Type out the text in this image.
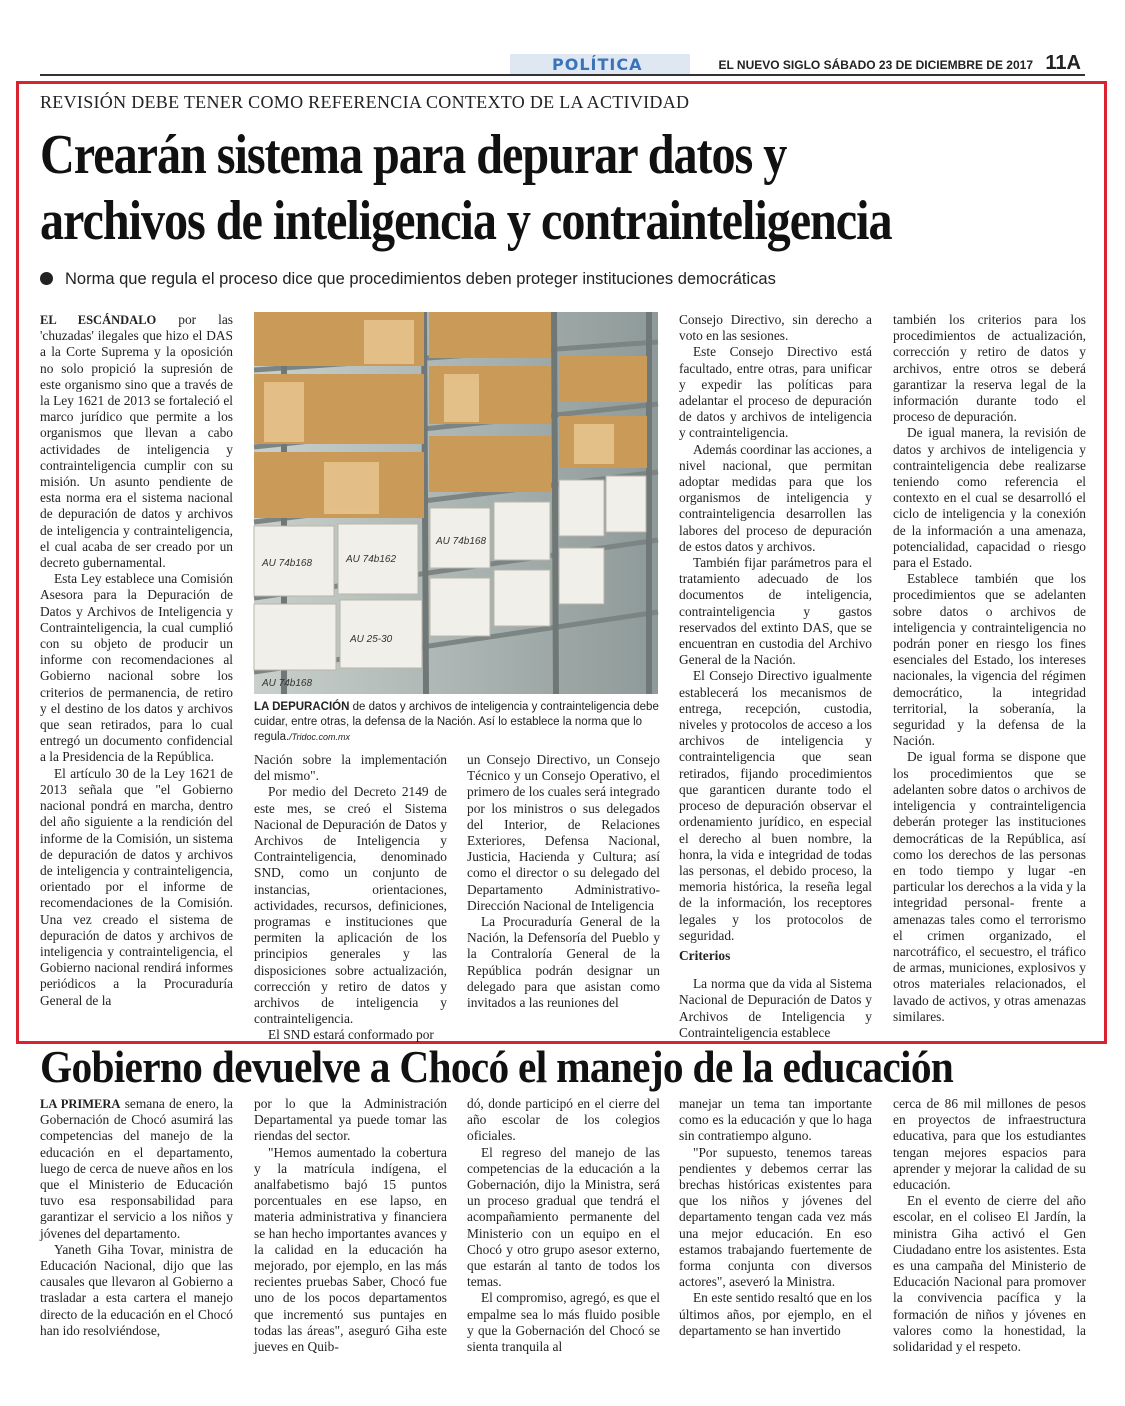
POLÍTICA	EL NUEVO SIGLO SÁBADO 23 DE DICIEMBRE DE 2017 11A
REVISIÓN DEBE TENER COMO REFERENCIA CONTEXTO DE LA ACTIVIDAD
Crearán sistema para depurar datos y archivos de inteligencia y contrainteligencia
Norma que regula el proceso dice que procedimientos deben proteger instituciones democráticas

EL ESCÁNDALO por las 'chuzadas' ilegales que hizo el DAS a la Corte Suprema y la oposición no solo propició la supresión de este organismo sino que a través de la Ley 1621 de 2013 se fortaleció el marco jurídico que permite a los organismos que llevan a cabo actividades de inteligencia y contrainteligencia cumplir con su misión. Un asunto pendiente de esta norma era el sistema nacional de depuración de datos y archivos de inteligencia y contrainteligencia, el cual acaba de ser creado por un decreto gubernamental.

Esta Ley establece una Comisión Asesora para la Depuración de Datos y Archivos de Inteligencia y Contrainteligencia, la cual cumplió con su objeto de producir un informe con recomendaciones al Gobierno nacional sobre los criterios de permanencia, de retiro y el destino de los datos y archivos que sean retirados, para lo cual entregó un documento confidencial a la Presidencia de la República.

El artículo 30 de la Ley 1621 de 2013 señala que "el Gobierno nacional pondrá en marcha, dentro del año siguiente a la rendición del informe de la Comisión, un sistema de depuración de datos y archivos de inteligencia y contrainteligencia, orientado por el informe de recomendaciones de la Comisión. Una vez creado el sistema de depuración de datos y archivos de inteligencia y contrainteligencia, el Gobierno nacional rendirá informes periódicos a la Procuraduría General de la

AU 74b168
AU 74b162
AU 74b168
AU 74b168
AU 25-30
LA DEPURACIÓN de datos y archivos de inteligencia y contrainteligencia debe cuidar, entre otras, la defensa de la Nación. Así lo establece la norma que lo regula./Tridoc.com.mx

Nación sobre la implementación del mismo".

Por medio del Decreto 2149 de este mes, se creó el Sistema Nacional de Depuración de Datos y Archivos de Inteligencia y Contrainteligencia, denominado SND, como un conjunto de instancias, orientaciones, actividades, recursos, definiciones, programas e instituciones que permiten la aplicación de los principios generales y las disposiciones sobre actualización, corrección y retiro de datos y archivos de inteligencia y contrainteligencia.

El SND estará conformado por

un Consejo Directivo, un Consejo Técnico y un Consejo Operativo, el primero de los cuales será integrado por los ministros o sus delegados del Interior, de Relaciones Exteriores, Defensa Nacional, Justicia, Hacienda y Cultura; así como el director o su delegado del Departamento Administrativo-Dirección Nacional de Inteligencia

La Procuraduría General de la Nación, la Defensoría del Pueblo y la Contraloría General de la República podrán designar un delegado para que asistan como invitados a las reuniones del

Consejo Directivo, sin derecho a voto en las sesiones.

Este Consejo Directivo está facultado, entre otras, para unificar y expedir las políticas para adelantar el proceso de depuración de datos y archivos de inteligencia y contrainteligencia.

Además coordinar las acciones, a nivel nacional, que permitan adoptar medidas para que los organismos de inteligencia y contrainteligencia desarrollen las labores del proceso de depuración de estos datos y archivos.

También fijar parámetros para el tratamiento adecuado de los documentos de inteligencia, contrainteligencia y gastos reservados del extinto DAS, que se encuentran en custodia del Archivo General de la Nación.

El Consejo Directivo igualmente establecerá los mecanismos de entrega, recepción, custodia, niveles y protocolos de acceso a los archivos de inteligencia y contrainteligencia que sean retirados, fijando procedimientos que garanticen durante todo el proceso de depuración observar el ordenamiento jurídico, en especial el derecho al buen nombre, la honra, la vida e integridad de todas las personas, el debido proceso, la memoria histórica, la reseña legal de la información, los receptores legales y los protocolos de seguridad.

Criterios

La norma que da vida al Sistema Nacional de Depuración de Datos y Archivos de Inteligencia y Contrainteligencia establece

también los criterios para los procedimientos de actualización, corrección y retiro de datos y archivos, entre otros se deberá garantizar la reserva legal de la información durante todo el proceso de depuración.

De igual manera, la revisión de datos y archivos de inteligencia y contrainteligencia debe realizarse teniendo como referencia el contexto en el cual se desarrolló el ciclo de inteligencia y la conexión de la información a una amenaza, potencialidad, capacidad o riesgo para el Estado.

Establece también que los procedimientos que se adelanten sobre datos o archivos de inteligencia y contrainteligencia no podrán poner en riesgo los fines esenciales del Estado, los intereses nacionales, la vigencia del régimen democrático, la integridad territorial, la soberanía, la seguridad y la defensa de la Nación.

De igual forma se dispone que los procedimientos que se adelanten sobre datos o archivos de inteligencia y contrainteligencia deberán proteger las instituciones democráticas de la República, así como los derechos de las personas en todo tiempo y lugar -en particular los derechos a la vida y la integridad personal- frente a amenazas tales como el terrorismo el crimen organizado, el narcotráfico, el secuestro, el tráfico de armas, municiones, explosivos y otros materiales relacionados, el lavado de activos, y otras amenazas similares.

Gobierno devuelve a Chocó el manejo de la educación

LA PRIMERA semana de enero, la Gobernación de Chocó asumirá las competencias del manejo de la educación en el departamento, luego de cerca de nueve años en los que el Ministerio de Educación tuvo esa responsabilidad para garantizar el servicio a los niños y jóvenes del departamento.

Yaneth Giha Tovar, ministra de Educación Nacional, dijo que las causales que llevaron al Gobierno a trasladar a esta cartera el manejo directo de la educación en el Chocó han ido resolviéndose,

por lo que la Administración Departamental ya puede tomar las riendas del sector.

"Hemos aumentado la cobertura y la matrícula indígena, el analfabetismo bajó 15 puntos porcentuales en ese lapso, en materia administrativa y financiera se han hecho importantes avances y la calidad en la educación ha mejorado, por ejemplo, en las más recientes pruebas Saber, Chocó fue uno de los pocos departamentos que incrementó sus puntajes en todas las áreas", aseguró Giha este jueves en Quib-

dó, donde participó en el cierre del año escolar de los colegios oficiales.

El regreso del manejo de las competencias de la educación a la Gobernación, dijo la Ministra, será un proceso gradual que tendrá el acompañamiento permanente del Ministerio con un equipo en el Chocó y otro grupo asesor externo, que estarán al tanto de todos los temas.

El compromiso, agregó, es que el empalme sea lo más fluido posible y que la Gobernación del Chocó se sienta tranquila al

manejar un tema tan importante como es la educación y que lo haga sin contratiempo alguno.

"Por supuesto, tenemos tareas pendientes y debemos cerrar las brechas históricas existentes para que los niños y jóvenes del departamento tengan cada vez más una mejor educación. En eso estamos trabajando fuertemente de forma conjunta con diversos actores", aseveró la Ministra.

En este sentido resaltó que en los últimos años, por ejemplo, en el departamento se han invertido

cerca de 86 mil millones de pesos en proyectos de infraestructura educativa, para que los estudiantes tengan mejores espacios para aprender y mejorar la calidad de su educación.

En el evento de cierre del año escolar, en el coliseo El Jardín, la ministra Giha activó el Gen Ciudadano entre los asistentes. Esta es una campaña del Ministerio de Educación Nacional para promover la convivencia pacífica y la formación de niños y jóvenes en valores como la honestidad, la solidaridad y el respeto.
